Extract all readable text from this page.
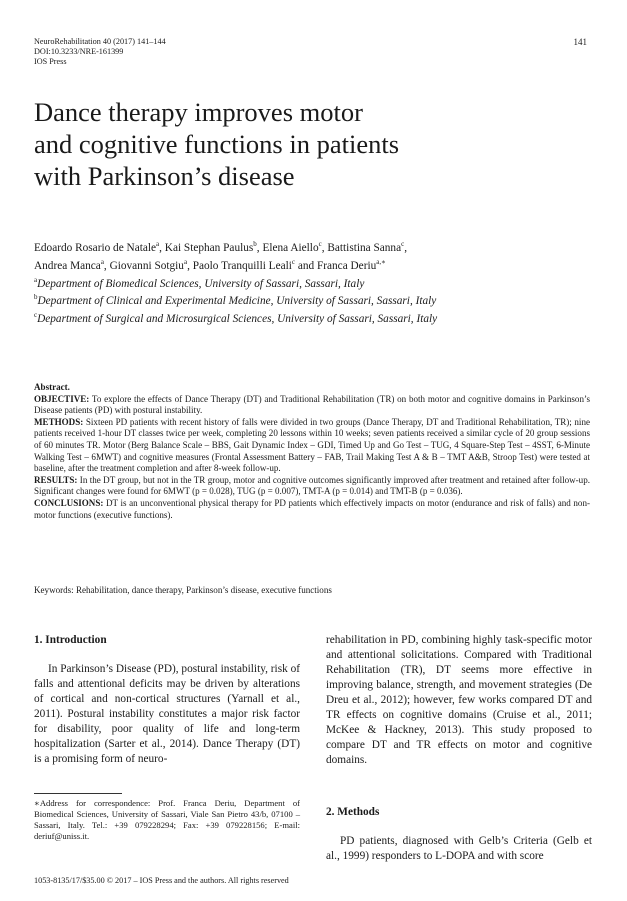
NeuroRehabilitation 40 (2017) 141–144
DOI:10.3233/NRE-161399
IOS Press
141
Dance therapy improves motor
and cognitive functions in patients
with Parkinson’s disease
Edoardo Rosario de Natale$^a$, Kai Stephan Paulus$^b$, Elena Aiello$^c$, Battistina Sanna$^c$,
Andrea Manca$^a$, Giovanni Sotgiu$^a$, Paolo Tranquilli Leali$^c$ and Franca Deriu$^{a,∗}$
$^a$Department of Biomedical Sciences, University of Sassari, Sassari, Italy
$^b$Department of Clinical and Experimental Medicine, University of Sassari, Sassari, Italy
$^c$Department of Surgical and Microsurgical Sciences, University of Sassari, Sassari, Italy
Abstract.
OBJECTIVE: To explore the effects of Dance Therapy (DT) and Traditional Rehabilitation (TR) on both motor and cognitive domains in Parkinson’s Disease patients (PD) with postural instability.
METHODS: Sixteen PD patients with recent history of falls were divided in two groups (Dance Therapy, DT and Traditional Rehabilitation, TR); nine patients received 1-hour DT classes twice per week, completing 20 lessons within 10 weeks; seven patients received a similar cycle of 20 group sessions of 60 minutes TR. Motor (Berg Balance Scale – BBS, Gait Dynamic Index – GDI, Timed Up and Go Test – TUG, 4 Square-Step Test – 4SST, 6-Minute Walking Test – 6MWT) and cognitive measures (Frontal Assessment Battery – FAB, Trail Making Test A & B – TMT A&B, Stroop Test) were tested at baseline, after the treatment completion and after 8-week follow-up.
RESULTS: In the DT group, but not in the TR group, motor and cognitive outcomes significantly improved after treatment and retained after follow-up. Significant changes were found for 6MWT (p = 0.028), TUG (p = 0.007), TMT-A (p = 0.014) and TMT-B (p = 0.036).
CONCLUSIONS: DT is an unconventional physical therapy for PD patients which effectively impacts on motor (endurance and risk of falls) and non-motor functions (executive functions).
Keywords: Rehabilitation, dance therapy, Parkinson’s disease, executive functions
1. Introduction

In Parkinson’s Disease (PD), postural instability, risk of falls and attentional deficits may be driven by alterations of cortical and non-cortical structures (Yarnall et al., 2011). Postural instability constitutes a major risk factor for disability, poor quality of life and long-term hospitalization (Sarter et al., 2014). Dance Therapy (DT) is a promising form of neuro-

rehabilitation in PD, combining highly task-specific motor and attentional solicitations. Compared with Traditional Rehabilitation (TR), DT seems more effective in improving balance, strength, and movement strategies (De Dreu et al., 2012); however, few works compared DT and TR effects on cognitive domains (Cruise et al., 2011; McKee & Hackney, 2013). This study proposed to compare DT and TR effects on motor and cognitive domains.

∗Address for correspondence: Prof. Franca Deriu, Department of Biomedical Sciences, University of Sassari, Viale San Pietro 43/b, 07100 – Sassari, Italy. Tel.: +39 079228294; Fax: +39 079228156; E-mail: deriuf@uniss.it.
2. Methods

PD patients, diagnosed with Gelb’s Criteria (Gelb et al., 1999) responders to L-DOPA and with score

1053-8135/17/$35.00 © 2017 – IOS Press and the authors. All rights reserved
